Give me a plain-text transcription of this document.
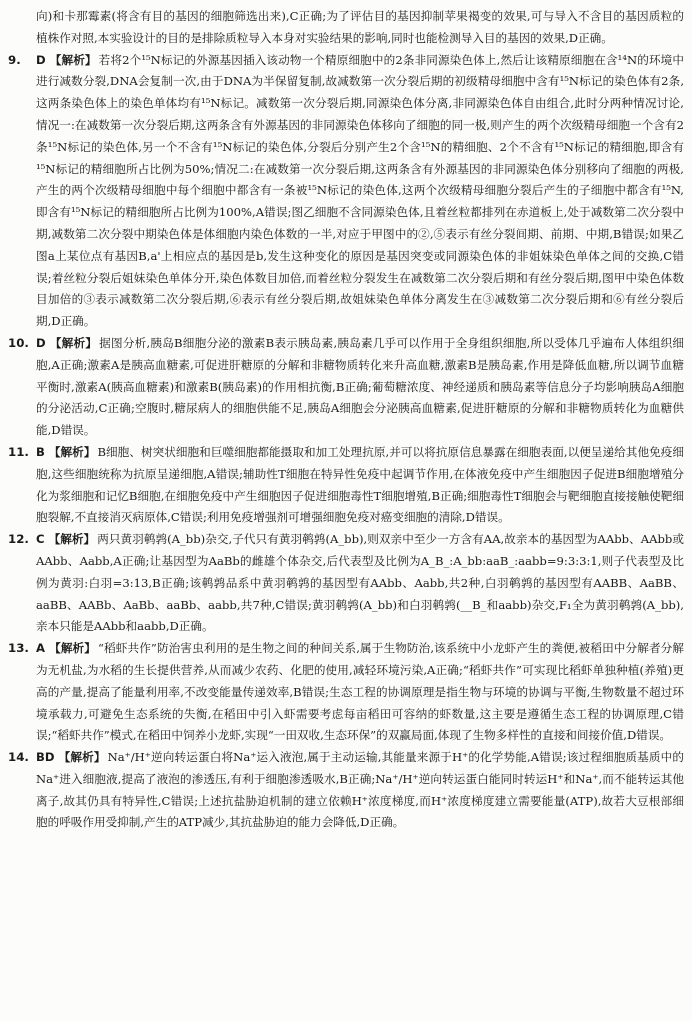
向)和卡那霉素(将含有目的基因的细胞筛选出来),C正确;为了评估目的基因抑制苹果褐变的效果,可与导入不含目的基因质粒的植株作对照,本实验设计的目的是排除质粒导入本身对实验结果的影响,同时也能检测导入目的基因的效果,D正确。

9.	D 【解析】 若将2个¹⁵N标记的外源基因插入该动物一个精原细胞中的2条非同源染色体上,然后让该精原细胞在含¹⁴N的环境中进行减数分裂,DNA会复制一次,由于DNA为半保留复制,故减数第一次分裂后期的初级精母细胞中含有¹⁵N标记的染色体有2条,这两条染色体上的染色单体均有¹⁵N标记。减数第一次分裂后期,同源染色体分离,非同源染色体自由组合,此时分两种情况讨论,情况一:在减数第一次分裂后期,这两条含有外源基因的非同源染色体移向了细胞的同一极,则产生的两个次级精母细胞一个含有2条¹⁵N标记的染色体,另一个不含有¹⁵N标记的染色体,分裂后分别产生2个含¹⁵N的精细胞、2个不含有¹⁵N标记的精细胞,即含有¹⁵N标记的精细胞所占比例为50%;情况二:在减数第一次分裂后期,这两条含有外源基因的非同源染色体分别移向了细胞的两极,产生的两个次级精母细胞中每个细胞中都含有一条被¹⁵N标记的染色体,这两个次级精母细胞分裂后产生的子细胞中都含有¹⁵N,即含有¹⁵N标记的精细胞所占比例为100%,A错误;图乙细胞不含同源染色体,且着丝粒都排列在赤道板上,处于减数第二次分裂中期,减数第二次分裂中期染色体是体细胞内染色体数的一半,对应于甲图中的②,⑤表示有丝分裂间期、前期、中期,B错误;如果乙图a上某位点有基因B,a'上相应点的基因是b,发生这种变化的原因是基因突变或同源染色体的非姐妹染色单体之间的交换,C错误;着丝粒分裂后姐妹染色单体分开,染色体数目加倍,而着丝粒分裂发生在减数第二次分裂后期和有丝分裂后期,图甲中染色体数目加倍的③表示减数第二次分裂后期,⑥表示有丝分裂后期,故姐妹染色单体分离发生在③减数第二次分裂后期和⑥有丝分裂后期,D正确。
10. D 【解析】 据图分析,胰岛B细胞分泌的激素B表示胰岛素,胰岛素几乎可以作用于全身组织细胞,所以受体几乎遍布人体组织细胞,A正确;激素A是胰高血糖素,可促进肝糖原的分解和非糖物质转化来升高血糖,激素B是胰岛素,作用是降低血糖,所以调节血糖平衡时,激素A(胰高血糖素)和激素B(胰岛素)的作用相抗衡,B正确;葡萄糖浓度、神经递质和胰岛素等信息分子均影响胰岛A细胞的分泌活动,C正确;空腹时,糖尿病人的细胞供能不足,胰岛A细胞会分泌胰高血糖素,促进肝糖原的分解和非糖物质转化为血糖供能,D错误。
11. B 【解析】 B细胞、树突状细胞和巨噬细胞都能摄取和加工处理抗原,并可以将抗原信息暴露在细胞表面,以便呈递给其他免疫细胞,这些细胞统称为抗原呈递细胞,A错误;辅助性T细胞在特异性免疫中起调节作用,在体液免疫中产生细胞因子促进B细胞增殖分化为浆细胞和记忆B细胞,在细胞免疫中产生细胞因子促进细胞毒性T细胞增殖,B正确;细胞毒性T细胞会与靶细胞直接接触使靶细胞裂解,不直接消灭病原体,C错误;利用免疫增强剂可增强细胞免疫对癌变细胞的清除,D错误。
12. C 【解析】 两只黄羽鹌鹑(A_bb)杂交,子代只有黄羽鹌鹑(A_bb),则双亲中至少一方含有AA,故亲本的基因型为AAbb、AAbb或AAbb、Aabb,A正确;让基因型为AaBb的雌雄个体杂交,后代表型及比例为A_B_:A_bb:aaB_:aabb=9:3:3:1,则子代表型及比例为黄羽:白羽=3:13,B正确;该鹌鹑品系中黄羽鹌鹑的基因型有AAbb、Aabb,共2种,白羽鹌鹑的基因型有AABB、AaBB、aaBB、AABb、AaBb、aaBb、aabb,共7种,C错误;黄羽鹌鹑(A_bb)和白羽鹌鹑(__B_和aabb)杂交,F₁全为黄羽鹌鹑(A_bb),亲本只能是AAbb和aabb,D正确。
13. A 【解析】 “稻虾共作”防治害虫利用的是生物之间的种间关系,属于生物防治,该系统中小龙虾产生的粪便,被稻田中分解者分解为无机盐,为水稻的生长提供营养,从而减少农药、化肥的使用,减轻环境污染,A正确;“稻虾共作”可实现比稻虾单独种植(养殖)更高的产量,提高了能量利用率,不改变能量传递效率,B错误;生态工程的协调原理是指生物与环境的协调与平衡,生物数量不超过环境承载力,可避免生态系统的失衡,在稻田中引入虾需要考虑每亩稻田可容纳的虾数量,这主要是遵循生态工程的协调原理,C错误;“稻虾共作”模式,在稻田中饲养小龙虾,实现“一田双收,生态环保”的双赢局面,体现了生物多样性的直接和间接价值,D错误。
14. BD 【解析】 Na⁺/H⁺逆向转运蛋白将Na⁺运入液泡,属于主动运输,其能量来源于H⁺的化学势能,A错误;该过程细胞质基质中的Na⁺进入细胞液,提高了液泡的渗透压,有利于细胞渗透吸水,B正确;Na⁺/H⁺逆向转运蛋白能同时转运H⁺和Na⁺,而不能转运其他离子,故其仍具有特异性,C错误;上述抗盐胁迫机制的建立依赖H⁺浓度梯度,而H⁺浓度梯度建立需要能量(ATP),故若大豆根部细胞的呼吸作用受抑制,产生的ATP减少,其抗盐胁迫的能力会降低,D正确。
